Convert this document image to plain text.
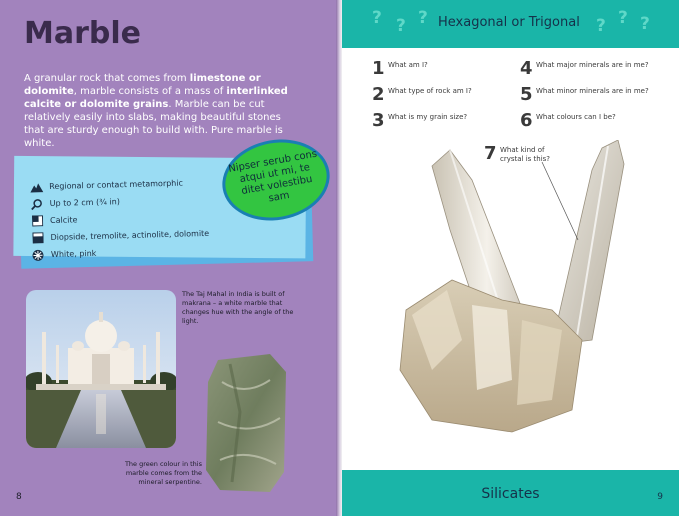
Marble

A granular rock that comes from limestone or dolomite, marble consists of a mass of interlinked calcite or dolomite grains. Marble can be cut relatively easily into slabs, making beautiful stones that are sturdy enough to build with. Pure marble is white.

Regional or contact metamorphic
Up to 2 cm (¾ in)
Calcite
Diopside, tremolite, actinolite, dolomite
White, pink
Nipser serub cons atqui ut mi, te ditet volestibu sam
The Taj Mahal in India is built of makrana – a white marble that changes hue with the angle of the light.
The green colour in this marble comes from the mineral serpentine.
8
? ? ? Hexagonal or Trigonal ? ? ?
1 What am I?
2 What type of rock am I?
3 What is my grain size?
4 What major minerals are in me?
5 What minor minerals are in me?
6 What colours can I be?
7 What kind of crystal is this?
Silicates	9
